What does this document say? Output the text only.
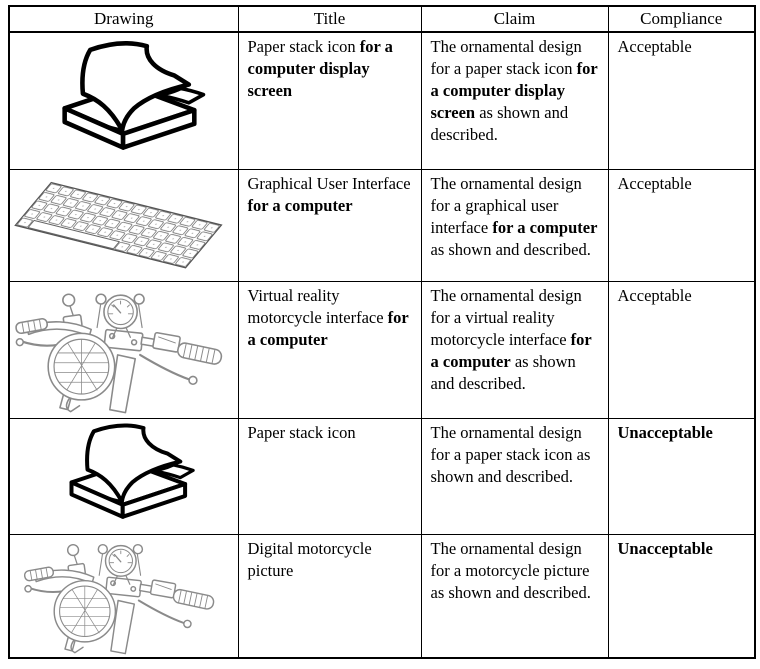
Drawing	Title	Claim	Compliance
	Paper stack icon for a computer display screen	The ornamental design for a paper stack icon for a computer display screen as shown and described.	Acceptable
	Graphical User Interface for a computer	The ornamental design for a graphical user interface for a computer as shown and described.	Acceptable
	Virtual reality motorcycle interface for a computer	The ornamental design for a virtual reality motorcycle interface for a computer as shown and described.	Acceptable
	Paper stack icon	The ornamental design for a paper stack icon as shown and described.	Unacceptable
	Digital motorcycle picture	The ornamental design for a motorcycle picture as shown and described.	Unacceptable
